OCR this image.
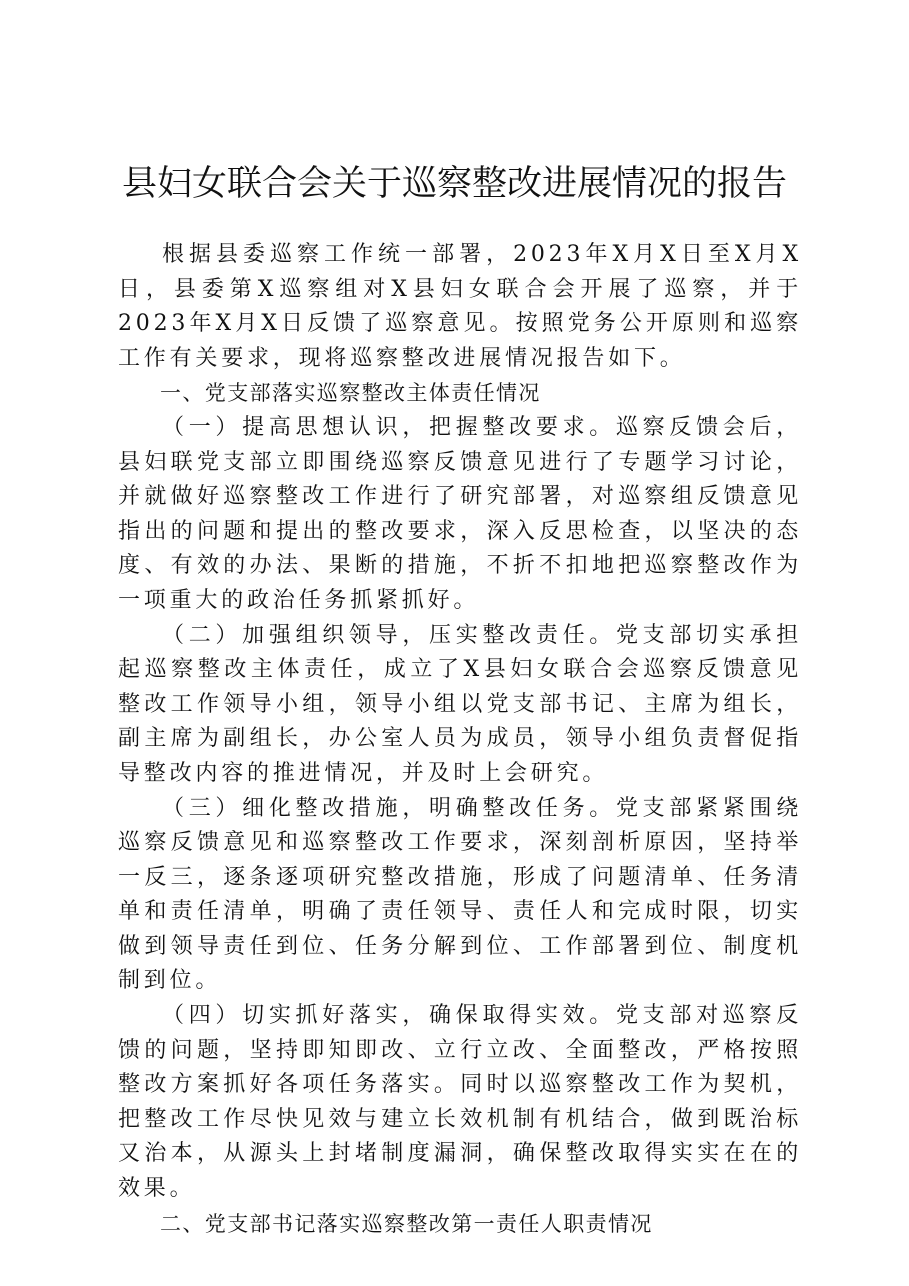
县妇女联合会关于巡察整改进展情况的报告

根据县委巡察工作统一部署，2023年X月X日至X月X日，县委第X巡察组对X县妇女联合会开展了巡察，并于2023年X月X日反馈了巡察意见。按照党务公开原则和巡察工作有关要求，现将巡察整改进展情况报告如下。

一、党支部落实巡察整改主体责任情况

（一）提高思想认识，把握整改要求。巡察反馈会后，县妇联党支部立即围绕巡察反馈意见进行了专题学习讨论，并就做好巡察整改工作进行了研究部署，对巡察组反馈意见指出的问题和提出的整改要求，深入反思检查，以坚决的态度、有效的办法、果断的措施，不折不扣地把巡察整改作为一项重大的政治任务抓紧抓好。

（二）加强组织领导，压实整改责任。党支部切实承担起巡察整改主体责任，成立了X县妇女联合会巡察反馈意见整改工作领导小组，领导小组以党支部书记、主席为组长，副主席为副组长，办公室人员为成员，领导小组负责督促指导整改内容的推进情况，并及时上会研究。

（三）细化整改措施，明确整改任务。党支部紧紧围绕巡察反馈意见和巡察整改工作要求，深刻剖析原因，坚持举一反三，逐条逐项研究整改措施，形成了问题清单、任务清单和责任清单，明确了责任领导、责任人和完成时限，切实做到领导责任到位、任务分解到位、工作部署到位、制度机制到位。

（四）切实抓好落实，确保取得实效。党支部对巡察反馈的问题，坚持即知即改、立行立改、全面整改，严格按照整改方案抓好各项任务落实。同时以巡察整改工作为契机，把整改工作尽快见效与建立长效机制有机结合，做到既治标又治本，从源头上封堵制度漏洞，确保整改取得实实在在的效果。

二、党支部书记落实巡察整改第一责任人职责情况
